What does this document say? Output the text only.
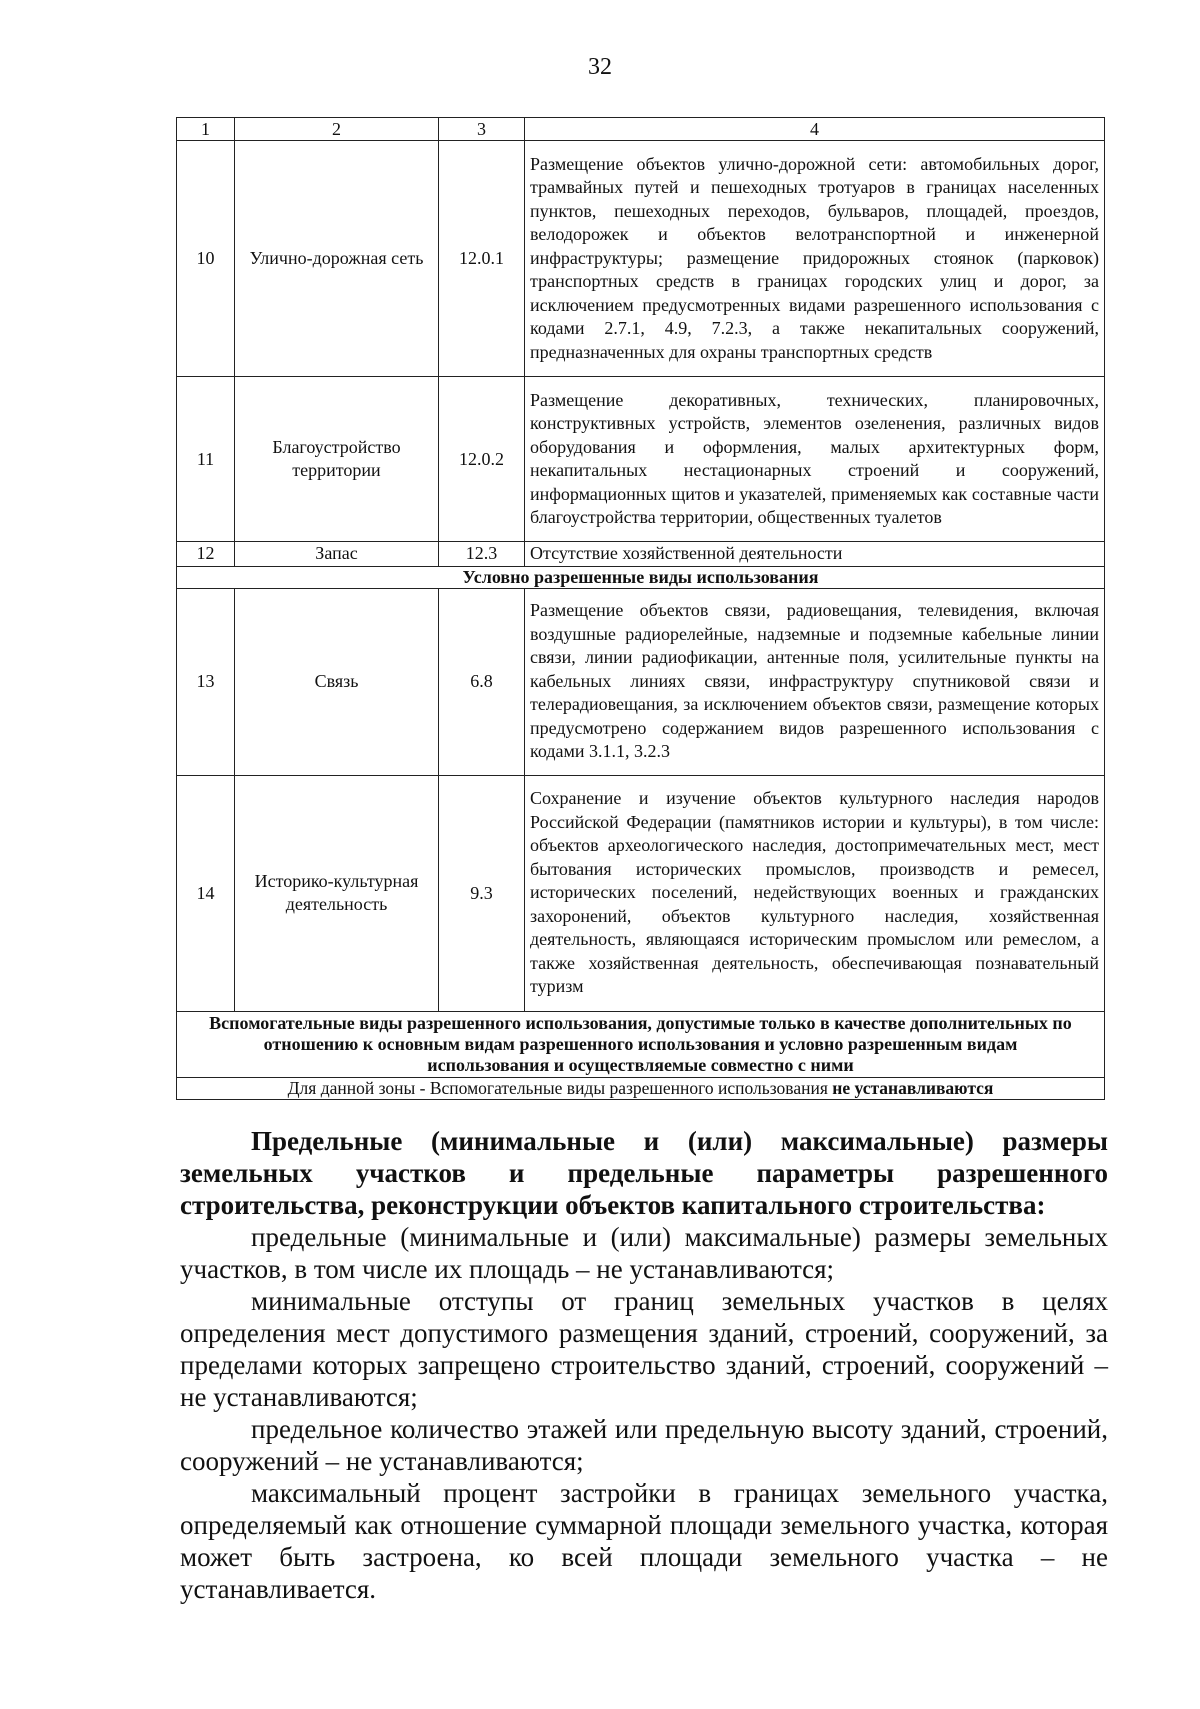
32
1	2	3	4
10	Улично-дорожная сеть	12.0.1	Размещение объектов улично-дорожной сети: автомобильных дорог, трамвайных путей и пешеходных тротуаров в границах населенных пунктов, пешеходных переходов, бульваров, площадей, проездов, велодорожек и объектов велотранспортной и инженерной инфраструктуры; размещение придорожных стоянок (парковок) транспортных средств в границах городских улиц и дорог, за исключением предусмотренных видами разрешенного использования с кодами 2.7.1, 4.9, 7.2.3, а также некапитальных сооружений, предназначенных для охраны транспортных средств
11	Благоустройство территории	12.0.2	Размещение декоративных, технических, планировочных, конструктивных устройств, элементов озеленения, различных видов оборудования и оформления, малых архитектурных форм, некапитальных нестационарных строений и сооружений, информационных щитов и указателей, применяемых как составные части благоустройства территории, общественных туалетов
12	Запас	12.3	Отсутствие хозяйственной деятельности
Условно разрешенные виды использования			
13	Связь	6.8	Размещение объектов связи, радиовещания, телевидения, включая воздушные радиорелейные, надземные и подземные кабельные линии связи, линии радиофикации, антенные поля, усилительные пункты на кабельных линиях связи, инфраструктуру спутниковой связи и телерадиовещания, за исключением объектов связи, размещение которых предусмотрено содержанием видов разрешенного использования с кодами 3.1.1, 3.2.3
14	Историко-культурная деятельность	9.3	Сохранение и изучение объектов культурного наследия народов Российской Федерации (памятников истории и культуры), в том числе: объектов археологического наследия, достопримечательных мест, мест бытования исторических промыслов, производств и ремесел, исторических поселений, недействующих военных и гражданских захоронений, объектов культурного наследия, хозяйственная деятельность, являющаяся историческим промыслом или ремеслом, а также хозяйственная деятельность, обеспечивающая познавательный туризм
Вспомогательные виды разрешенного использования, допустимые только в качестве дополнительных по отношению к основным видам разрешенного использования и условно разрешенным видам использования и осуществляемые совместно с ними			
Для данной зоны - Вспомогательные виды разрешенного использования не устанавливаются			

Предельные (минимальные и (или) максимальные) размеры земельных участков и предельные параметры разрешенного строительства, реконструкции объектов капитального строительства:

предельные (минимальные и (или) максимальные) размеры земельных участков, в том числе их площадь – не устанавливаются;

минимальные отступы от границ земельных участков в целях определения мест допустимого размещения зданий, строений, сооружений, за пределами которых запрещено строительство зданий, строений, сооружений – не устанавливаются;

предельное количество этажей или предельную высоту зданий, строений, сооружений – не устанавливаются;

максимальный процент застройки в границах земельного участка, определяемый как отношение суммарной площади земельного участка, которая может быть застроена, ко всей площади земельного участка – не устанавливается.
